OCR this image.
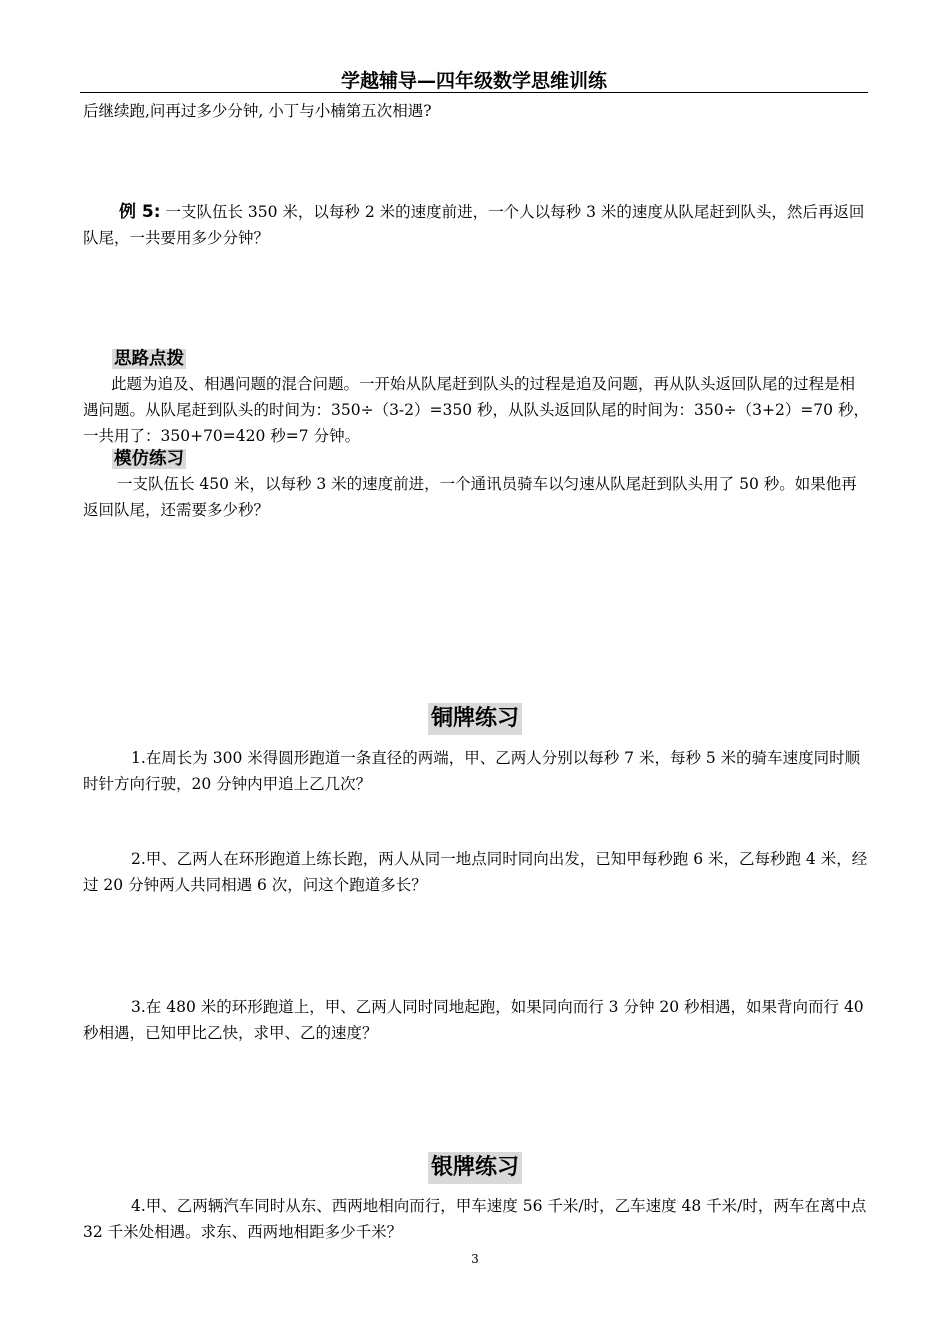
学越辅导—四年级数学思维训练
后继续跑,问再过多少分钟, 小丁与小楠第五次相遇?
例 5: 一支队伍长 350 米，以每秒 2 米的速度前进，一个人以每秒 3 米的速度从队尾赶到队头，然后再返回队尾，一共要用多少分钟？
思路点拨
此题为追及、相遇问题的混合问题。一开始从队尾赶到队头的过程是追及问题，再从队头返回队尾的过程是相遇问题。从队尾赶到队头的时间为：350÷（3-2）=350 秒，从队头返回队尾的时间为：350÷（3+2）=70 秒，一共用了：350+70=420 秒=7 分钟。
模仿练习
一支队伍长 450 米，以每秒 3 米的速度前进，一个通讯员骑车以匀速从队尾赶到队头用了 50 秒。如果他再返回队尾，还需要多少秒？
铜牌练习
1.在周长为 300 米得圆形跑道一条直径的两端，甲、乙两人分别以每秒 7 米，每秒 5 米的骑车速度同时顺时针方向行驶，20 分钟内甲追上乙几次？
2.甲、乙两人在环形跑道上练长跑，两人从同一地点同时同向出发，已知甲每秒跑 6 米，乙每秒跑 4 米，经过 20 分钟两人共同相遇 6 次，问这个跑道多长？
3.在 480 米的环形跑道上，甲、乙两人同时同地起跑，如果同向而行 3 分钟 20 秒相遇，如果背向而行 40 秒相遇，已知甲比乙快，求甲、乙的速度？
银牌练习
4.甲、乙两辆汽车同时从东、西两地相向而行，甲车速度 56 千米/时，乙车速度 48 千米/时，两车在离中点 32 千米处相遇。求东、西两地相距多少千米？
3
